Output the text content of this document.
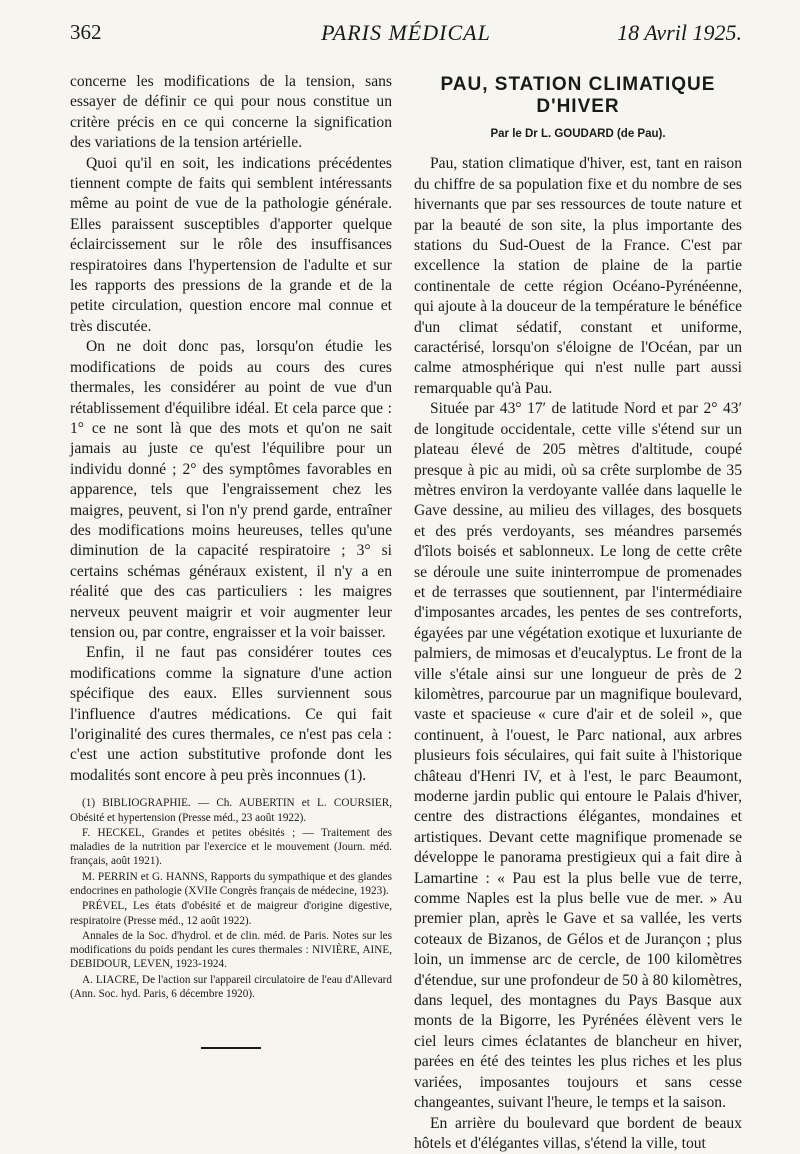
362	PARIS MÉDICAL	18 Avril 1925.

concerne les modifications de la tension, sans essayer de définir ce qui pour nous constitue un critère précis en ce qui concerne la signification des variations de la tension artérielle.

Quoi qu'il en soit, les indications précédentes tiennent compte de faits qui semblent intéressants même au point de vue de la pathologie générale. Elles paraissent susceptibles d'apporter quelque éclaircissement sur le rôle des insuffisances respiratoires dans l'hypertension de l'adulte et sur les rapports des pressions de la grande et de la petite circulation, question encore mal connue et très discutée.

On ne doit donc pas, lorsqu'on étudie les modifications de poids au cours des cures thermales, les considérer au point de vue d'un rétablissement d'équilibre idéal. Et cela parce que : 1° ce ne sont là que des mots et qu'on ne sait jamais au juste ce qu'est l'équilibre pour un individu donné ; 2° des symptômes favorables en apparence, tels que l'engraissement chez les maigres, peuvent, si l'on n'y prend garde, entraîner des modifications moins heureuses, telles qu'une diminution de la capacité respiratoire ; 3° si certains schémas généraux existent, il n'y a en réalité que des cas particuliers : les maigres nerveux peuvent maigrir et voir augmenter leur tension ou, par contre, engraisser et la voir baisser.

Enfin, il ne faut pas considérer toutes ces modifications comme la signature d'une action spécifique des eaux. Elles surviennent sous l'influence d'autres médications. Ce qui fait l'originalité des cures thermales, ce n'est pas cela : c'est une action substitutive profonde dont les modalités sont encore à peu près inconnues (1).

(1) BIBLIOGRAPHIE. — Ch. AUBERTIN et L. COURSIER, Obésité et hypertension (Presse méd., 23 août 1922).

F. HECKEL, Grandes et petites obésités ; — Traitement des maladies de la nutrition par l'exercice et le mouvement (Journ. méd. français, août 1921).

M. PERRIN et G. HANNS, Rapports du sympathique et des glandes endocrines en pathologie (XVIIe Congrès français de médecine, 1923).

PRÉVEL, Les états d'obésité et de maigreur d'origine digestive, respiratoire (Presse méd., 12 août 1922).

Annales de la Soc. d'hydrol. et de clin. méd. de Paris. Notes sur les modifications du poids pendant les cures thermales : NIVIÈRE, AINE, DEBIDOUR, LEVEN, 1923-1924.

A. LIACRE, De l'action sur l'appareil circulatoire de l'eau d'Allevard (Ann. Soc. hyd. Paris, 6 décembre 1920).

PAU, STATION CLIMATIQUE D'HIVER
Par le Dr L. GOUDARD (de Pau).

Pau, station climatique d'hiver, est, tant en raison du chiffre de sa population fixe et du nombre de ses hivernants que par ses ressources de toute nature et par la beauté de son site, la plus importante des stations du Sud-Ouest de la France. C'est par excellence la station de plaine de la partie continentale de cette région Océano-Pyrénéenne, qui ajoute à la douceur de la température le bénéfice d'un climat sédatif, constant et uniforme, caractérisé, lorsqu'on s'éloigne de l'Océan, par un calme atmosphérique qui n'est nulle part aussi remarquable qu'à Pau.

Située par 43° 17′ de latitude Nord et par 2° 43′ de longitude occidentale, cette ville s'étend sur un plateau élevé de 205 mètres d'altitude, coupé presque à pic au midi, où sa crête surplombe de 35 mètres environ la verdoyante vallée dans laquelle le Gave dessine, au milieu des villages, des bosquets et des prés verdoyants, ses méandres parsemés d'îlots boisés et sablonneux. Le long de cette crête se déroule une suite ininterrompue de promenades et de terrasses que soutiennent, par l'intermédiaire d'imposantes arcades, les pentes de ses contreforts, égayées par une végétation exotique et luxuriante de palmiers, de mimosas et d'eucalyptus. Le front de la ville s'étale ainsi sur une longueur de près de 2 kilomètres, parcourue par un magnifique boulevard, vaste et spacieuse « cure d'air et de soleil », que continuent, à l'ouest, le Parc national, aux arbres plusieurs fois séculaires, qui fait suite à l'historique château d'Henri IV, et à l'est, le parc Beaumont, moderne jardin public qui entoure le Palais d'hiver, centre des distractions élégantes, mondaines et artistiques. Devant cette magnifique promenade se développe le panorama prestigieux qui a fait dire à Lamartine : « Pau est la plus belle vue de terre, comme Naples est la plus belle vue de mer. » Au premier plan, après le Gave et sa vallée, les verts coteaux de Bizanos, de Gélos et de Jurançon ; plus loin, un immense arc de cercle, de 100 kilomètres d'étendue, sur une profondeur de 50 à 80 kilomètres, dans lequel, des montagnes du Pays Basque aux monts de la Bigorre, les Pyrénées élèvent vers le ciel leurs cimes éclatantes de blancheur en hiver, parées en été des teintes les plus riches et les plus variées, imposantes toujours et sans cesse changeantes, suivant l'heure, le temps et la saison.

En arrière du boulevard que bordent de beaux hôtels et d'élégantes villas, s'étend la ville, tout
